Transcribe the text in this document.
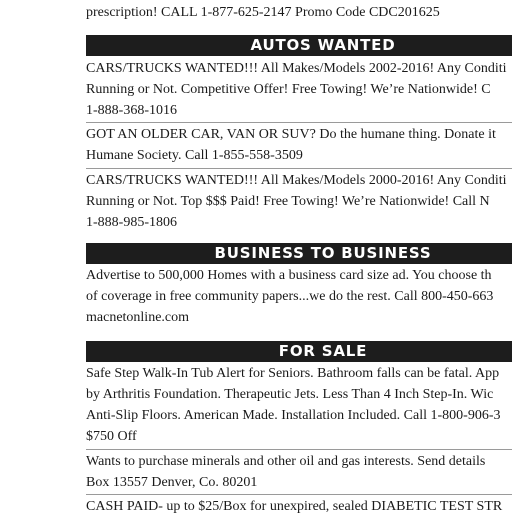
prescription! CALL 1-877-625-2147 Promo Code CDC201625

AUTOS WANTED

CARS/TRUCKS WANTED!!! All Makes/Models 2002-2016! Any Conditi

Running or Not. Competitive Offer! Free Towing! We’re Nationwide! C

1-888-368-1016

GOT AN OLDER CAR, VAN OR SUV? Do the humane thing. Donate it

Humane Society. Call 1-855-558-3509

CARS/TRUCKS WANTED!!! All Makes/Models 2000-2016! Any Conditi

Running or Not. Top $$$ Paid! Free Towing! We’re Nationwide! Call N

1-888-985-1806

BUSINESS TO BUSINESS

Advertise to 500,000 Homes with a business card size ad. You choose th

of coverage in free community papers...we do the rest. Call 800-450-663

macnetonline.com

FOR SALE

Safe Step Walk-In Tub Alert for Seniors. Bathroom falls can be fatal. App

by Arthritis Foundation. Therapeutic Jets. Less Than 4 Inch Step-In. Wic

Anti-Slip Floors. American Made. Installation Included. Call 1-800-906-3

$750 Off

Wants to purchase minerals and other oil and gas interests. Send details

Box 13557 Denver, Co. 80201

CASH PAID- up to $25/Box for unexpired, sealed DIABETIC TEST STR
